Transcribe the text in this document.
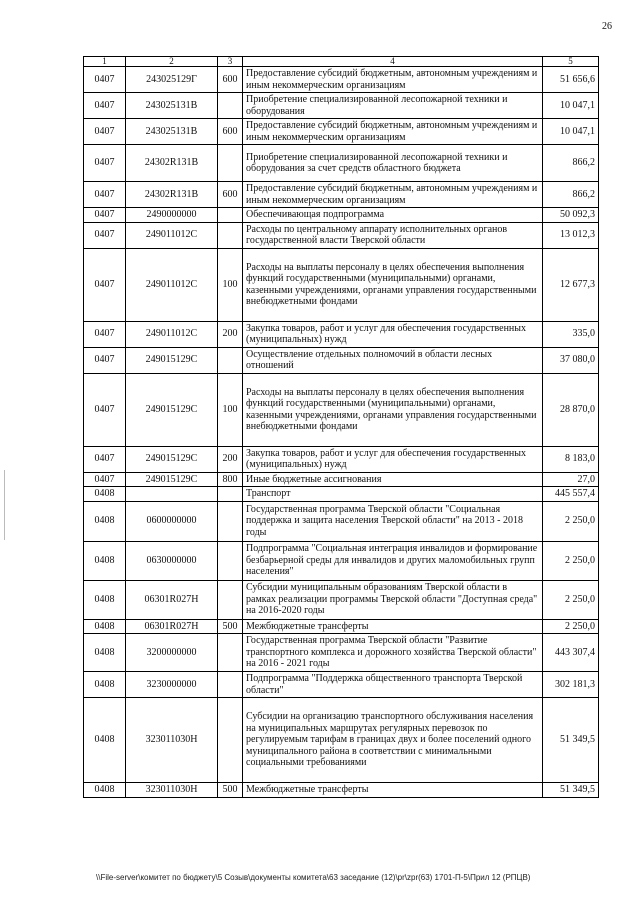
26
1	2	3	4	5
0407	243025129Г	600	Предоставление субсидий бюджетным, автономным учреждениям и иным некоммерческим организациям	51 656,6
0407	243025131В		Приобретение специализированной лесопожарной техники и оборудования	10 047,1
0407	243025131В	600	Предоставление субсидий бюджетным, автономным учреждениям и иным некоммерческим организациям	10 047,1
0407	24302R131В		Приобретение специализированной лесопожарной техники и оборудования за счет средств областного бюджета	866,2
0407	24302R131В	600	Предоставление субсидий бюджетным, автономным учреждениям и иным некоммерческим организациям	866,2
0407	2490000000		Обеспечивающая подпрограмма	50 092,3
0407	249011012С		Расходы по центральному аппарату исполнительных органов государственной власти Тверской области	13 012,3
0407	249011012С	100	Расходы на выплаты персоналу в целях обеспечения выполнения функций государственными (муниципальными) органами, казенными учреждениями, органами управления государственными внебюджетными фондами	12 677,3
0407	249011012С	200	Закупка товаров, работ и услуг для обеспечения государственных (муниципальных) нужд	335,0
0407	249015129С		Осуществление отдельных полномочий в области лесных отношений	37 080,0
0407	249015129С	100	Расходы на выплаты персоналу в целях обеспечения выполнения функций государственными (муниципальными) органами, казенными учреждениями, органами управления государственными внебюджетными фондами	28 870,0
0407	249015129С	200	Закупка товаров, работ и услуг для обеспечения государственных (муниципальных) нужд	8 183,0
0407	249015129С	800	Иные бюджетные ассигнования	27,0
0408			Транспорт	445 557,4
0408	0600000000		Государственная программа Тверской области "Социальная поддержка и защита населения Тверской области" на 2013 - 2018 годы	2 250,0
0408	0630000000		Подпрограмма "Социальная интеграция инвалидов и формирование безбарьерной среды для инвалидов и других маломобильных групп населения"	2 250,0
0408	06301R027Н		Субсидии муниципальным образованиям Тверской области в рамках реализации программы Тверской области "Доступная среда" на 2016-2020 годы	2 250,0
0408	06301R027Н	500	Межбюджетные трансферты	2 250,0
0408	3200000000		Государственная программа Тверской области "Развитие транспортного комплекса и дорожного хозяйства Тверской области" на 2016 - 2021 годы	443 307,4
0408	3230000000		Подпрограмма "Поддержка общественного транспорта Тверской области"	302 181,3
0408	323011030Н		Субсидии на организацию транспортного обслуживания населения на муниципальных маршрутах регулярных перевозок по регулируемым тарифам в границах двух и более поселений одного муниципального района в соответствии с минимальными социальными требованиями	51 349,5
0408	323011030Н	500	Межбюджетные трансферты	51 349,5
\\File-server\комитет по бюджету\5 Созыв\документы комитета\63 заседание (12)\pr\zpr(63) 1701-П-5\Прил 12 (РПЦВ)
